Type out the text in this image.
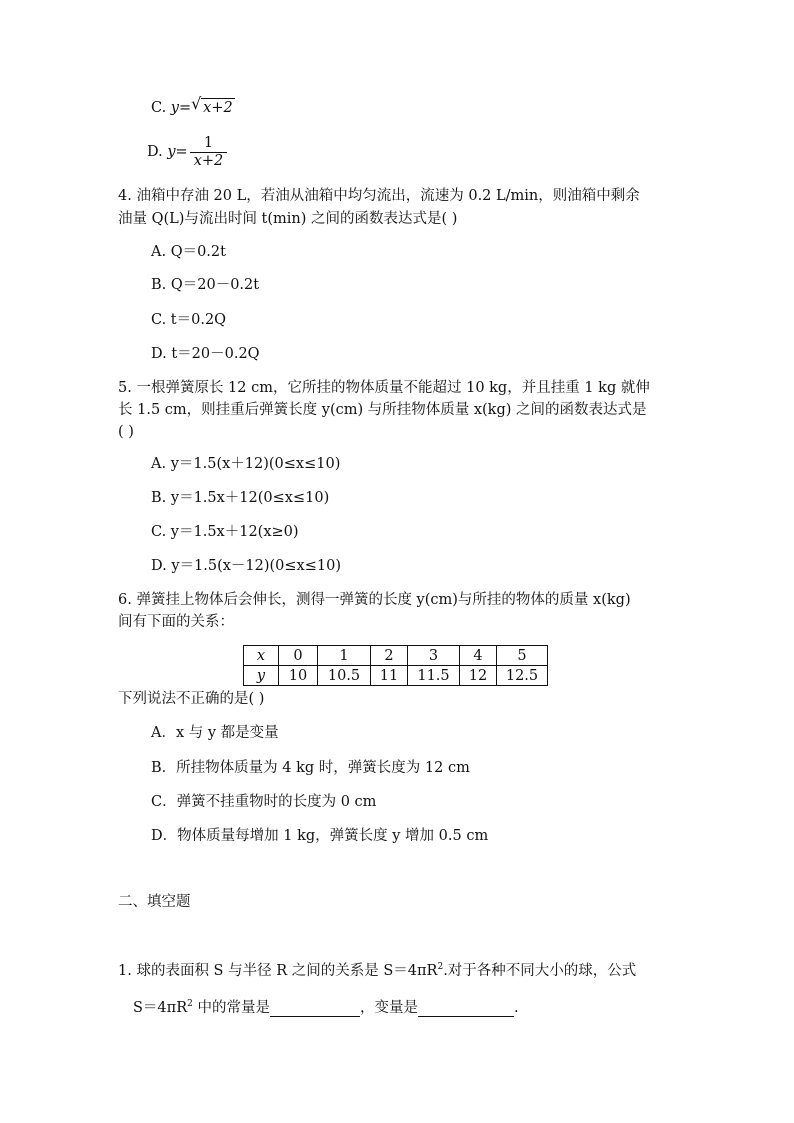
C. y= √ x+2
D. $y= \frac{1}{x+2}$
4. 油箱中存油 20 L，若油从油箱中均匀流出，流速为 0.2 L/min，则油箱中剩余
油量 Q(L)与流出时间 t(min) 之间的函数表达式是( )
A. Q＝0.2t
B. Q＝20－0.2t
C. t＝0.2Q
D. t＝20－0.2Q
5. 一根弹簧原长 12 cm，它所挂的物体质量不能超过 10 kg，并且挂重 1 kg 就伸
长 1.5 cm，则挂重后弹簧长度 y(cm) 与所挂物体质量 x(kg) 之间的函数表达式是
( )
A. y＝1.5(x＋12)(0≤x≤10)
B. y＝1.5x＋12(0≤x≤10)
C. y＝1.5x＋12(x≥0)
D. y＝1.5(x－12)(0≤x≤10)
6. 弹簧挂上物体后会伸长，测得一弹簧的长度 y(cm)与所挂的物体的质量 x(kg)
间有下面的关系：
x	0	1	2	3	4	5
y	10	10.5	11	11.5	12	12.5
下列说法不正确的是( )
A．x 与 y 都是变量
B．所挂物体质量为 4 kg 时，弹簧长度为 12 cm
C．弹簧不挂重物时的长度为 0 cm
D．物体质量每增加 1 kg，弹簧长度 y 增加 0.5 cm
二、填空题
1. 球的表面积 S 与半径 R 之间的关系是 $S=4\pi R^2$.对于各种不同大小的球，公式
$S=4\pi R^2$ 中的常量是	，变量是	.
